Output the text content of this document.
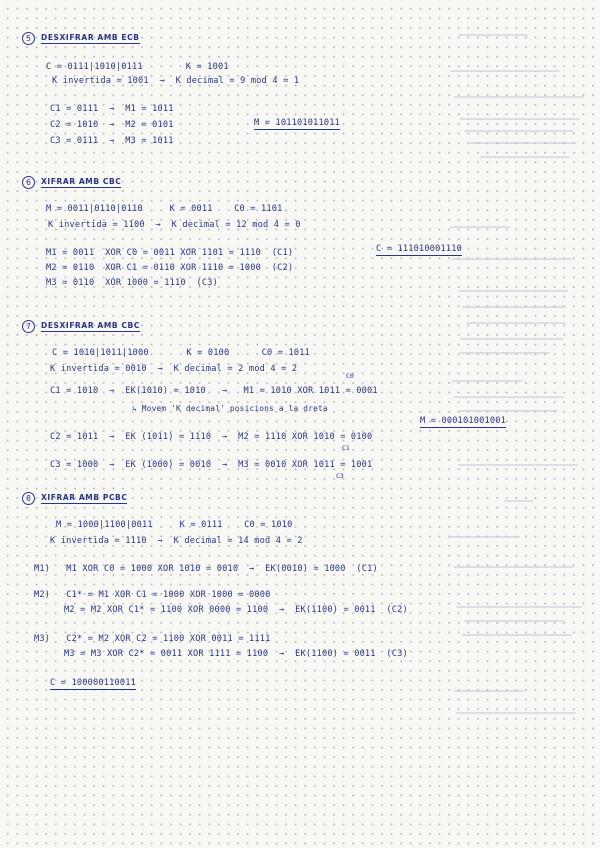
5	DESXIFRAR AMB ECB
C = 0111|1010|0111        K = 1001
K invertida = 1001  →  K decimal = 9 mod 4 = 1
C1 = 0111  →  M1 = 1011
C2 = 1010  →  M2 = 0101
C3 = 0111  →  M3 = 1011
M = 101101011011
6	XIFRAR AMB CBC
M = 0011|0110|0110     K = 0011    C0 = 1101
K invertida = 1100  →  K decimal = 12 mod 4 = 0
M1 = 0011  XOR C0 = 0011 XOR 1101 = 1110  (C1)
M2 = 0110  XOR C1 = 0110 XOR 1110 = 1000  (C2)
M3 = 0110  XOR 1000 = 1110  (C3)
C = 111010001110
7	DESXIFRAR AMB CBC
C = 1010|1011|1000       K = 0100      C0 = 1011
K invertida = 0010  →  K decimal = 2 mod 4 = 2
C0
C1 = 1010  →  EK(1010) = 1010   →   M1 = 1010 XOR 1011 = 0001
↳ Movem 'K decimal' posicions a la dreta
M = 000101001001
C2 = 1011  →  EK (1011) = 1110  →  M2 = 1110 XOR 1010 = 0100
C1
C3 = 1000  →  EK (1000) = 0010  →  M3 = 0010 XOR 1011 = 1001
C3
8	XIFRAR AMB PCBC
M = 1000|1100|0011     K = 0111    C0 = 1010
K invertida = 1110  →  K decimal = 14 mod 4 = 2
M1)   M1 XOR C0 = 1000 XOR 1010 = 0010  →  EK(0010) = 1000  (C1)
M2)   C1* = M1 XOR C1 = 1000 XOR 1000 = 0000
M2 = M2 XOR C1* = 1100 XOR 0000 = 1100  →  EK(1100) = 0011  (C2)
M3)   C2* = M2 XOR C2 = 1100 XOR 0011 = 1111
M3 = M3 XOR C2* = 0011 XOR 1111 = 1100  →  EK(1100) = 0011  (C3)
C = 100000110011
